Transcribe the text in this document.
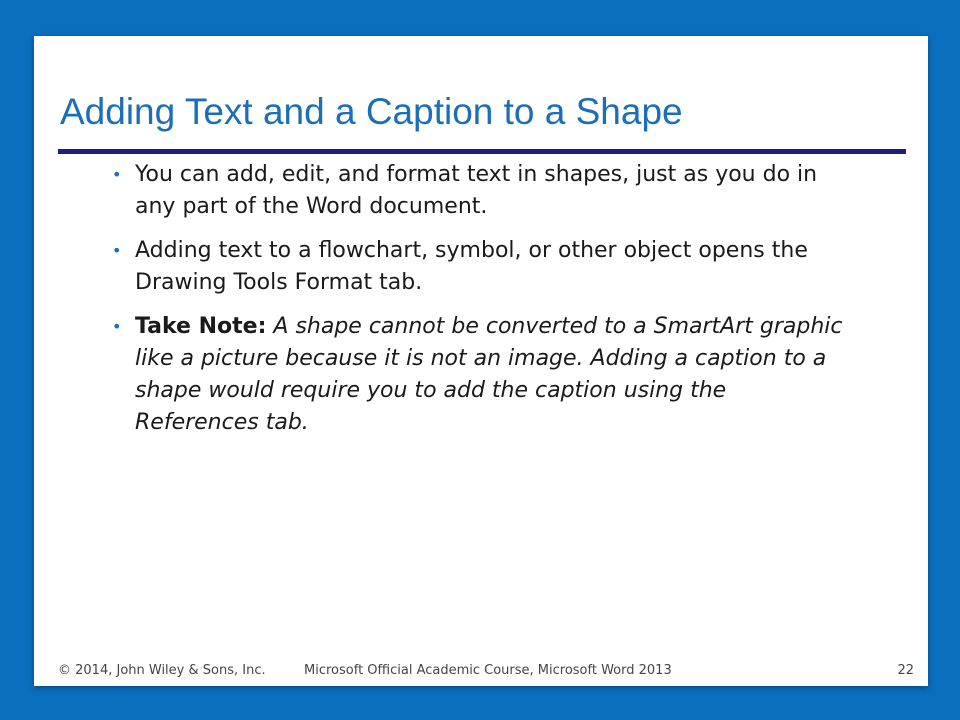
Adding Text and a Caption to a Shape
• You can add, edit, and format text in shapes, just as you do in any part of the Word document.
• Adding text to a flowchart, symbol, or other object opens the Drawing Tools Format tab.
• Take Note: A shape cannot be converted to a SmartArt graphic like a picture because it is not an image. Adding a caption to a shape would require you to add the caption using the References tab.
© 2014, John Wiley & Sons, Inc.	Microsoft Official Academic Course, Microsoft Word 2013	22
